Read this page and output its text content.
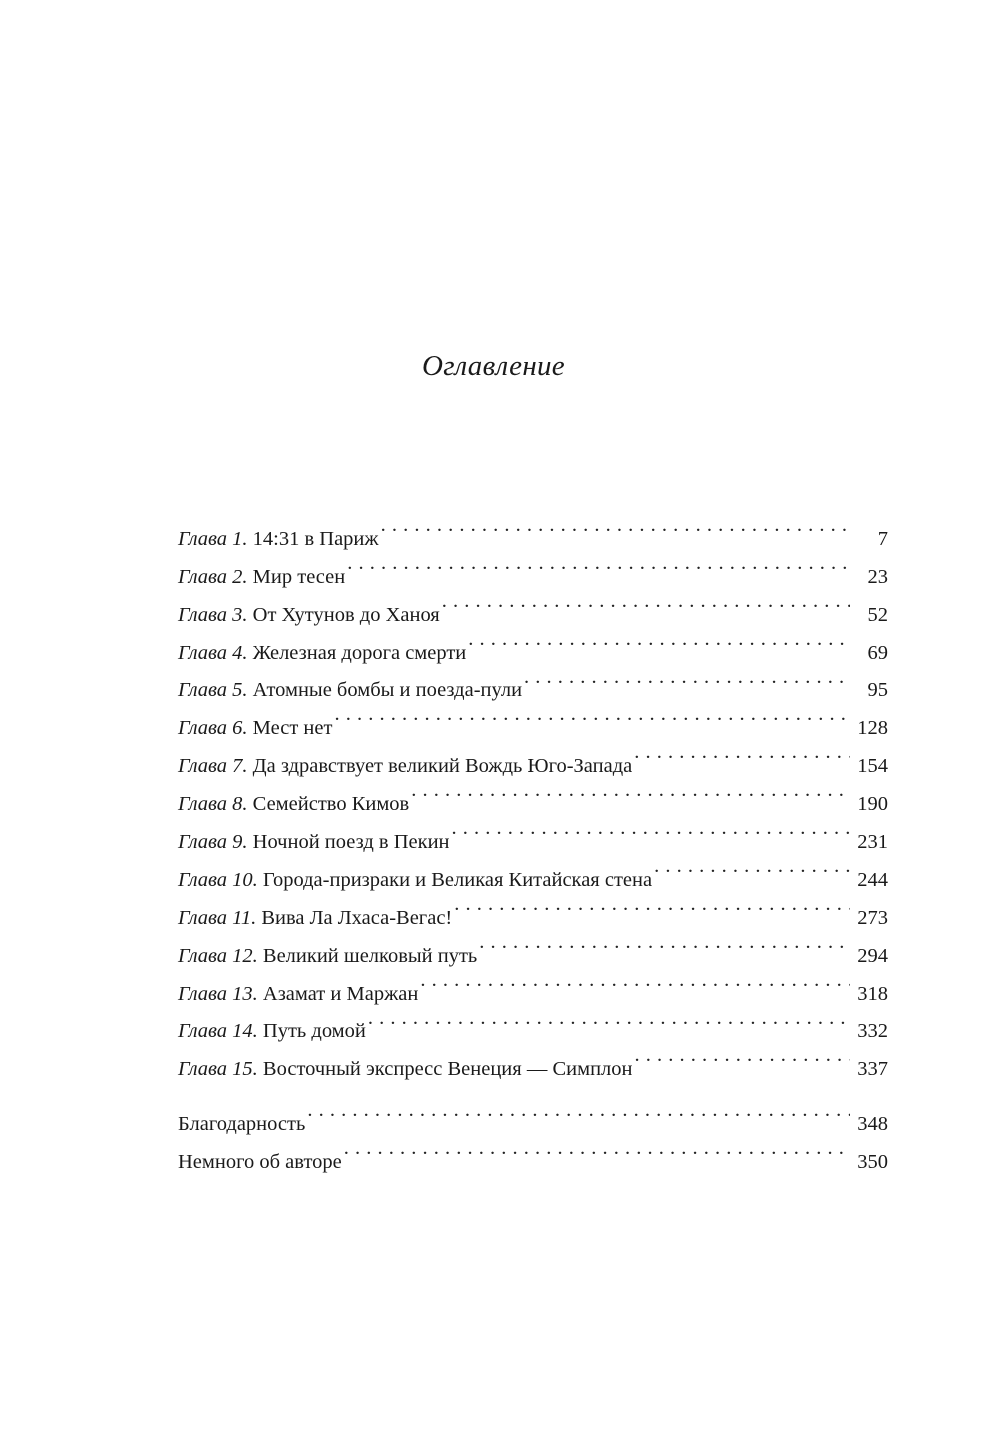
Оглавление
Глава 1. 14:31 в Париж . . .	7
Глава 2. Мир тесен . . .	23
Глава 3. От Хутунов до Ханоя . . .	52
Глава 4. Железная дорога смерти . . .	69
Глава 5. Атомные бомбы и поезда-пули . . .	95
Глава 6. Мест нет . . .	128
Глава 7. Да здравствует великий Вождь Юго-Запада . . .	154
Глава 8. Семейство Кимов . . .	190
Глава 9. Ночной поезд в Пекин . . .	231
Глава 10. Города-призраки и Великая Китайская стена . . .	244
Глава 11. Вива Ла Лхаса-Вегас! . . .	273
Глава 12. Великий шелковый путь . . .	294
Глава 13. Азамат и Маржан . . .	318
Глава 14. Путь домой . . .	332
Глава 15. Восточный экспресс Венеция — Симплон . . .	337
Благодарность . . .	348
Немного об авторе . . .	350
